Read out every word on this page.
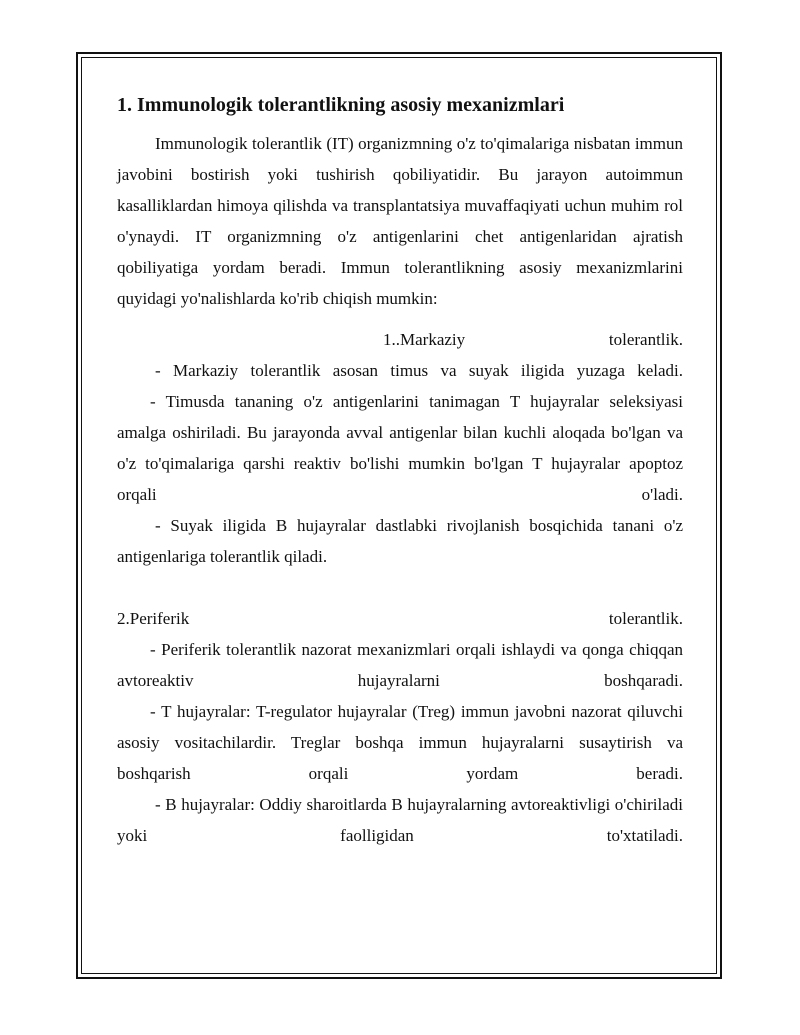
1. Immunologik tolerantlikning asosiy mexanizmlari

Immunologik tolerantlik (IT) organizmning o'z to'qimalariga nisbatan immun javobini bostirish yoki tushirish qobiliyatidir. Bu jarayon autoimmun kasalliklardan himoya qilishda va transplantatsiya muvaffaqiyati uchun muhim rol o'ynaydi. IT organizmning o'z antigenlarini chet antigenlaridan ajratish qobiliyatiga yordam beradi. Immun tolerantlikning asosiy mexanizmlarini quyidagi yo'nalishlarda ko'rib chiqish mumkin:

1..Markaziy tolerantlik.

- Markaziy tolerantlik asosan timus va suyak iligida yuzaga keladi.

- Timusda tananing o'z antigenlarini tanimagan T hujayralar seleksiyasi amalga oshiriladi. Bu jarayonda avval antigenlar bilan kuchli aloqada bo'lgan va o'z to'qimalariga qarshi reaktiv bo'lishi mumkin bo'lgan T hujayralar apoptoz orqali o'ladi.

- Suyak iligida B hujayralar dastlabki rivojlanish bosqichida tanani o'z antigenlariga tolerantlik qiladi.

2.Periferik tolerantlik.

- Periferik tolerantlik nazorat mexanizmlari orqali ishlaydi va qonga chiqqan avtoreaktiv hujayralarni boshqaradi.

- T hujayralar: T-regulator hujayralar (Treg) immun javobni nazorat qiluvchi asosiy vositachilardir. Treglar boshqa immun hujayralarni susaytirish va boshqarish orqali yordam beradi.

- B hujayralar: Oddiy sharoitlarda B hujayralarning avtoreaktivligi o'chiriladi yoki faolligidan to'xtatiladi.
